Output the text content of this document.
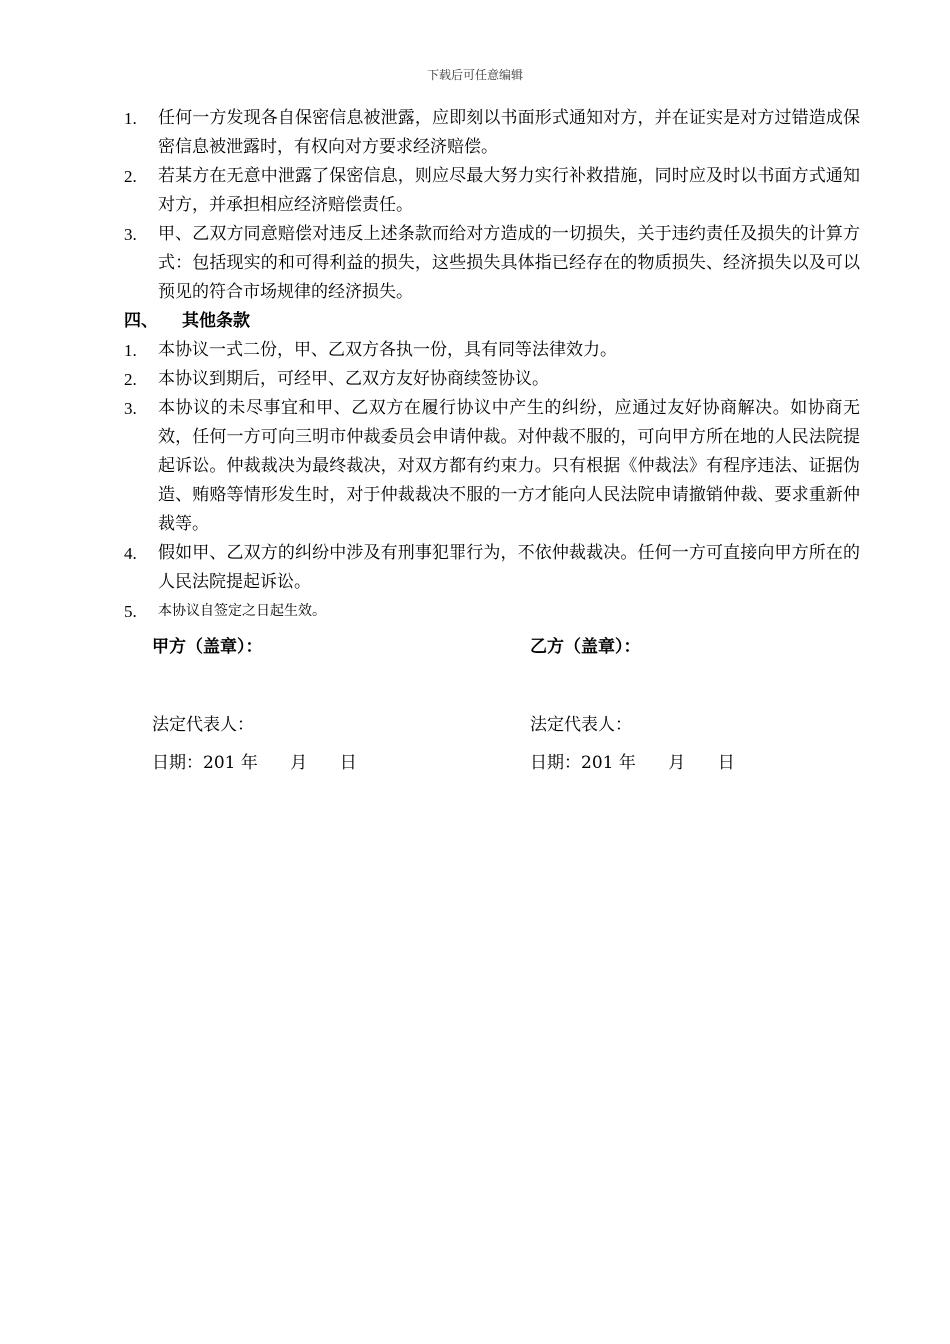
下载后可任意编辑
1. 任何一方发现各自保密信息被泄露，应即刻以书面形式通知对方，并在证实是对方过错造成保密信息被泄露时，有权向对方要求经济赔偿。
2. 若某方在无意中泄露了保密信息，则应尽最大努力实行补救措施，同时应及时以书面方式通知对方，并承担相应经济赔偿责任。
3. 甲、乙双方同意赔偿对违反上述条款而给对方造成的一切损失，关于违约责任及损失的计算方式：包括现实的和可得利益的损失，这些损失具体指已经存在的物质损失、经济损失以及可以预见的符合市场规律的经济损失。
四、 其他条款
1. 本协议一式二份，甲、乙双方各执一份，具有同等法律效力。
2. 本协议到期后，可经甲、乙双方友好协商续签协议。
3. 本协议的未尽事宜和甲、乙双方在履行协议中产生的纠纷，应通过友好协商解决。如协商无效，任何一方可向三明市仲裁委员会申请仲裁。对仲裁不服的，可向甲方所在地的人民法院提起诉讼。仲裁裁决为最终裁决，对双方都有约束力。只有根据《仲裁法》有程序违法、证据伪造、贿赂等情形发生时，对于仲裁裁决不服的一方才能向人民法院申请撤销仲裁、要求重新仲裁等。
4. 假如甲、乙双方的纠纷中涉及有刑事犯罪行为，不依仲裁裁决。任何一方可直接向甲方所在的人民法院提起诉讼。
5. 本协议自签定之日起生效。
甲方（盖章）：
法定代表人：
日期：201 年      月      日
乙方（盖章）：
法定代表人：
日期：201 年      月      日
